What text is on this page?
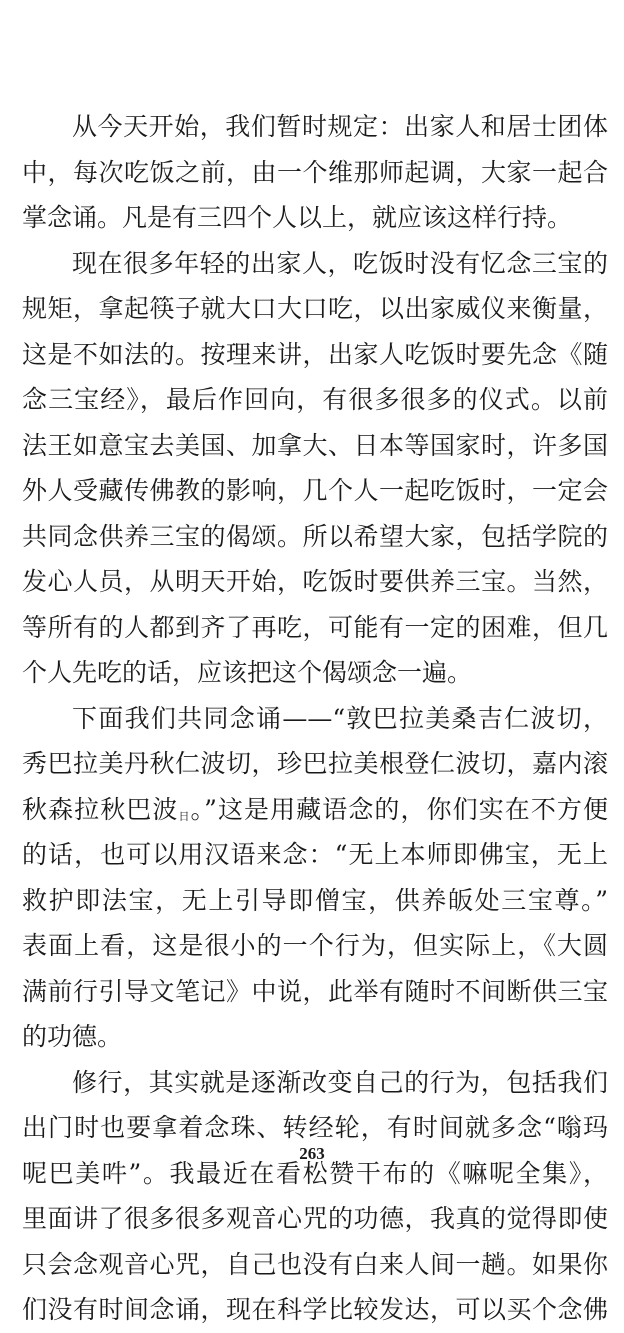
从今天开始，我们暂时规定：出家人和居士团体
中，每次吃饭之前，由一个维那师起调，大家一起合
掌念诵。凡是有三四个人以上，就应该这样行持。
现在很多年轻的出家人，吃饭时没有忆念三宝的
规矩，拿起筷子就大口大口吃，以出家威仪来衡量，
这是不如法的。按理来讲，出家人吃饭时要先念《随
念三宝经》，最后作回向，有很多很多的仪式。以前
法王如意宝去美国、加拿大、日本等国家时，许多国
外人受藏传佛教的影响，几个人一起吃饭时，一定会
共同念供养三宝的偈颂。所以希望大家，包括学院的
发心人员，从明天开始，吃饭时要供养三宝。当然，
等所有的人都到齐了再吃，可能有一定的困难，但几
个人先吃的话，应该把这个偈颂念一遍。
下面我们共同念诵——“敦巴拉美桑吉仁波切，
秀巴拉美丹秋仁波切，珍巴拉美根登仁波切，嘉内滚
秋森拉秋巴波日。”这是用藏语念的，你们实在不方便
的话，也可以用汉语来念：“无上本师即佛宝，无上
救护即法宝，无上引导即僧宝，供养皈处三宝尊。”
表面上看，这是很小的一个行为，但实际上，《大圆
满前行引导文笔记》中说，此举有随时不间断供三宝
的功德。
修行，其实就是逐渐改变自己的行为，包括我们
出门时也要拿着念珠、转经轮，有时间就多念“嗡玛
呢巴美吽”。我最近在看松赞干布的《嘛呢全集》，
里面讲了很多很多观音心咒的功德，我真的觉得即使
只会念观音心咒，自己也没有白来人间一趟。如果你
们没有时间念诵，现在科学比较发达，可以买个念佛
263
